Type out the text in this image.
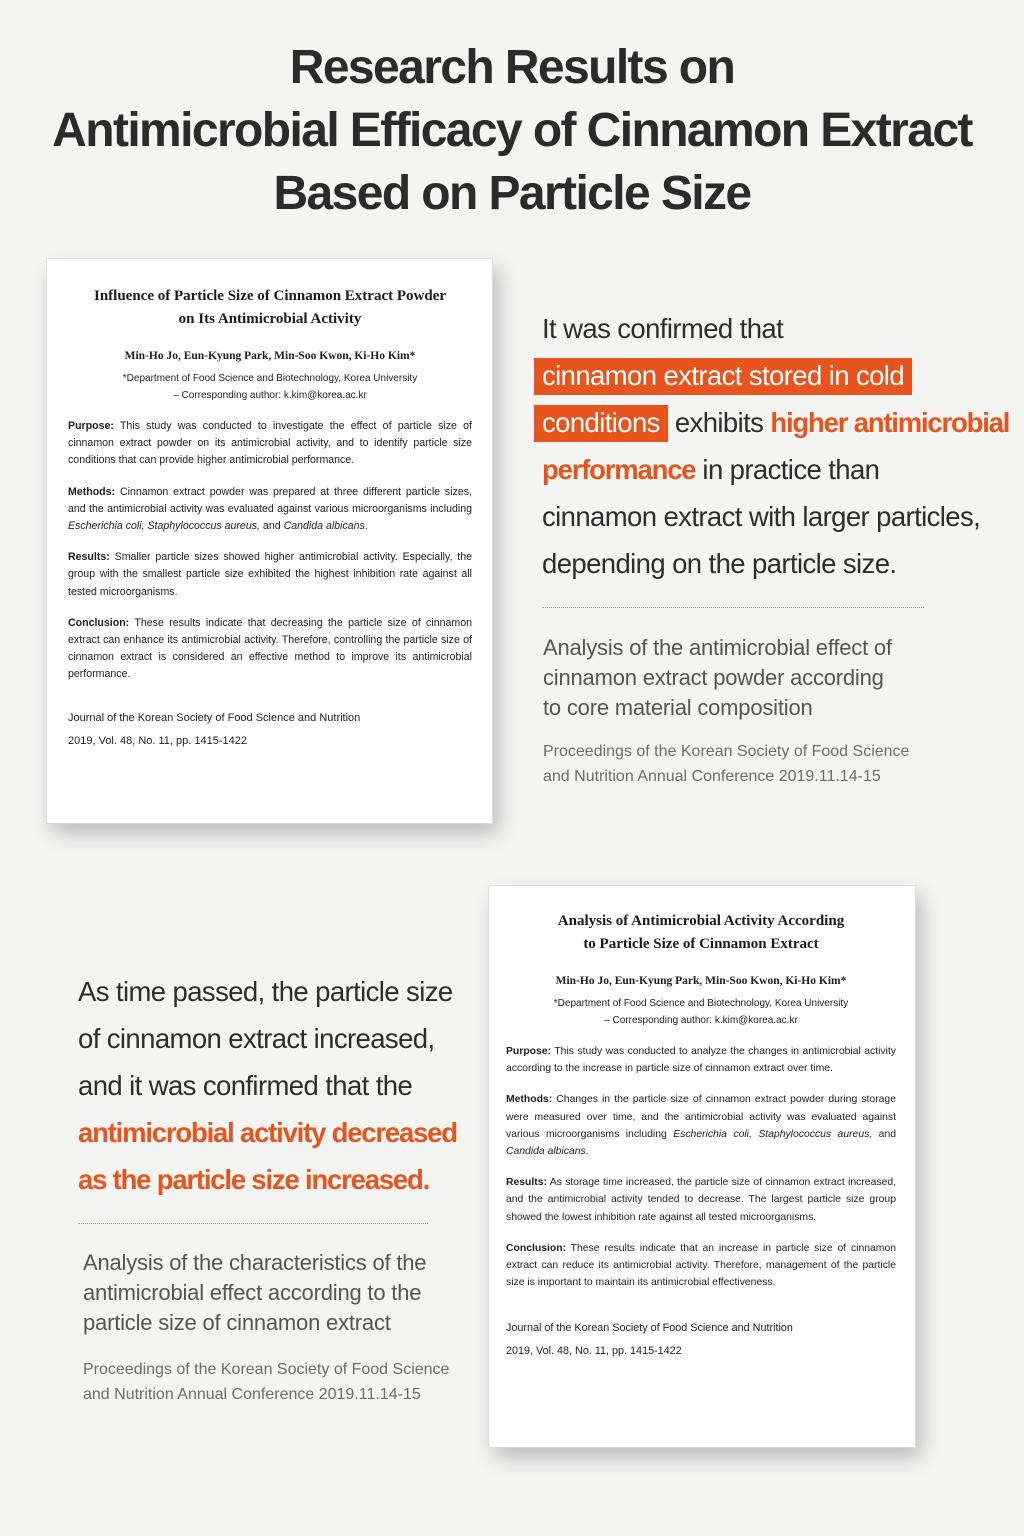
Research Results on
Antimicrobial Efficacy of Cinnamon Extract
Based on Particle Size
Influence of Particle Size of Cinnamon Extract Powder
on Its Antimicrobial Activity
Min-Ho Jo, Eun-Kyung Park, Min-Soo Kwon, Ki-Ho Kim*
*Department of Food Science and Biotechnology, Korea University
– Corresponding author: k.kim@korea.ac.kr
Purpose: This study was conducted to investigate the effect of particle size of cinnamon extract powder on its antimicrobial activity, and to identify particle size conditions that can provide higher antimicrobial performance.
Methods: Cinnamon extract powder was prepared at three different particle sizes, and the antimicrobial activity was evaluated against various microorganisms including Escherichia coli, Staphylococcus aureus, and Candida albicans.
Results: Smaller particle sizes showed higher antimicrobial activity. Especially, the group with the smallest particle size exhibited the highest inhibition rate against all tested microorganisms.
Conclusion: These results indicate that decreasing the particle size of cinnamon extract can enhance its antimicrobial activity. Therefore, controlling the particle size of cinnamon extract is considered an effective method to improve its antimicrobial performance.
Journal of the Korean Society of Food Science and Nutrition
2019, Vol. 48, No. 11, pp. 1415-1422
It was confirmed that
cinnamon extract stored in cold
conditions exhibits higher antimicrobial
performance in practice than
cinnamon extract with larger particles,
depending on the particle size.
Analysis of the antimicrobial effect of
cinnamon extract powder according
to core material composition
Proceedings of the Korean Society of Food Science
and Nutrition Annual Conference 2019.11.14-15
As time passed, the particle size
of cinnamon extract increased,
and it was confirmed that the
antimicrobial activity decreased
as the particle size increased.
Analysis of the characteristics of the
antimicrobial effect according to the
particle size of cinnamon extract
Proceedings of the Korean Society of Food Science
and Nutrition Annual Conference 2019.11.14-15
Analysis of Antimicrobial Activity According
to Particle Size of Cinnamon Extract
Min-Ho Jo, Eun-Kyung Park, Min-Soo Kwon, Ki-Ho Kim*
*Department of Food Science and Biotechnology, Korea University
– Corresponding author: k.kim@korea.ac.kr
Purpose: This study was conducted to analyze the changes in antimicrobial activity according to the increase in particle size of cinnamon extract over time.
Methods: Changes in the particle size of cinnamon extract powder during storage were measured over time, and the antimicrobial activity was evaluated against various microorganisms including Escherichia coli, Staphylococcus aureus, and Candida albicans.
Results: As storage time increased, the particle size of cinnamon extract increased, and the antimicrobial activity tended to decrease. The largest particle size group showed the lowest inhibition rate against all tested microorganisms.
Conclusion: These results indicate that an increase in particle size of cinnamon extract can reduce its antimicrobial activity. Therefore, management of the particle size is important to maintain its antimicrobial effectiveness.
Journal of the Korean Society of Food Science and Nutrition
2019, Vol. 48, No. 11, pp. 1415-1422
